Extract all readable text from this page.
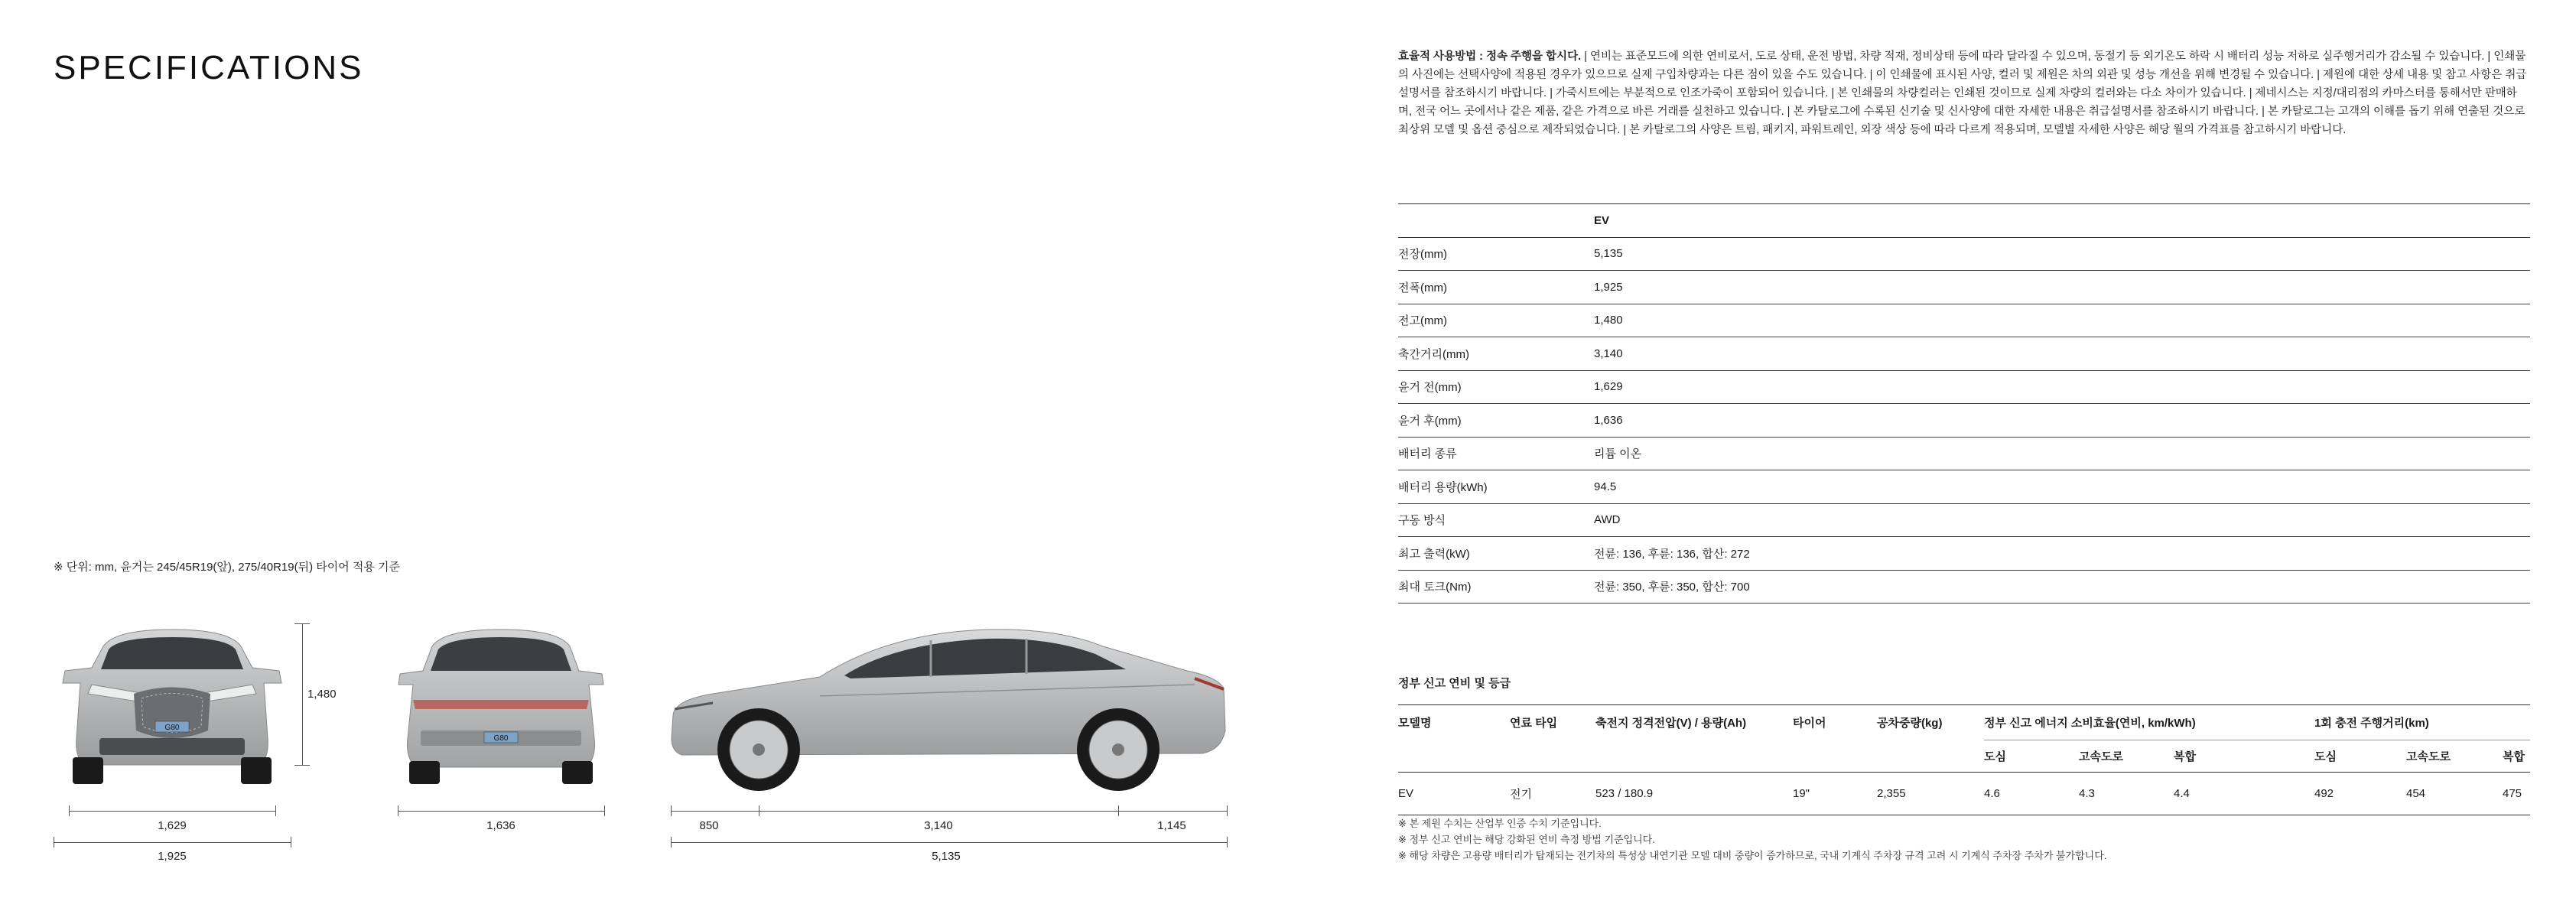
SPECIFICATIONS
※ 단위: mm, 윤거는 245/45R19(앞), 275/40R19(뒤) 타이어 적용 기준
G80
1,480
1,629
1,925
G80
1,636	850	3,140	1,145
5,135
효율적 사용방법 : 정속 주행을 합시다. | 연비는 표준모드에 의한 연비로서, 도로 상태, 운전 방법, 차량 적재, 정비상태 등에 따라 달라질 수 있으며, 동절기 등 외기온도 하락 시 배터리 성능 저하로 실주행거리가 감소될 수 있습니다. | 인쇄물의 사진에는 선택사양에 적용된 경우가 있으므로 실제 구입차량과는 다른 점이 있을 수도 있습니다. | 이 인쇄물에 표시된 사양, 컬러 및 제원은 차의 외관 및 성능 개선을 위해 변경될 수 있습니다. | 제원에 대한 상세 내용 및 참고 사항은 취급설명서를 참조하시기 바랍니다. | 가죽시트에는 부분적으로 인조가죽이 포함되어 있습니다. | 본 인쇄물의 차량컬러는 인쇄된 것이므로 실제 차량의 컬러와는 다소 차이가 있습니다. | 제네시스는 지정/대리점의 카마스터를 통해서만 판매하며, 전국 어느 곳에서나 같은 제품, 같은 가격으로 바른 거래를 실천하고 있습니다. | 본 카탈로그에 수록된 신기술 및 신사양에 대한 자세한 내용은 취급설명서를 참조하시기 바랍니다. | 본 카탈로그는 고객의 이해를 돕기 위해 연출된 것으로 최상위 모델 및 옵션 중심으로 제작되었습니다. | 본 카탈로그의 사양은 트림, 패키지, 파워트레인, 외장 색상 등에 따라 다르게 적용되며, 모델별 자세한 사양은 해당 월의 가격표를 참고하시기 바랍니다.
	EV
전장(mm)	5,135
전폭(mm)	1,925
전고(mm)	1,480
축간거리(mm)	3,140
윤거 전(mm)	1,629
윤거 후(mm)	1,636
배터리 종류	리튬 이온
배터리 용량(kWh)	94.5
구동 방식	AWD
최고 출력(kW)	전륜: 136, 후륜: 136, 합산: 272
최대 토크(Nm)	전륜: 350, 후륜: 350, 합산: 700
정부 신고 연비 및 등급
모델명	연료 타입	축전지 정격전압(V) / 용량(Ah)	타이어	공차중량(kg)	정부 신고 에너지 소비효율(연비, km/kWh)			1회 충전 주행거리(km)		
					도심	고속도로	복합	도심	고속도로	복합
EV	전기	523 / 180.9	19"	2,355	4.6	4.3	4.4	492	454	475
※ 본 제원 수치는 산업부 인증 수치 기준입니다.
※ 정부 신고 연비는 해당 강화된 연비 측정 방법 기준입니다.
※ 해당 차량은 고용량 배터리가 탑재되는 전기차의 특성상 내연기관 모델 대비 중량이 증가하므로, 국내 기계식 주차장 규격 고려 시 기계식 주차장 주차가 불가합니다.
